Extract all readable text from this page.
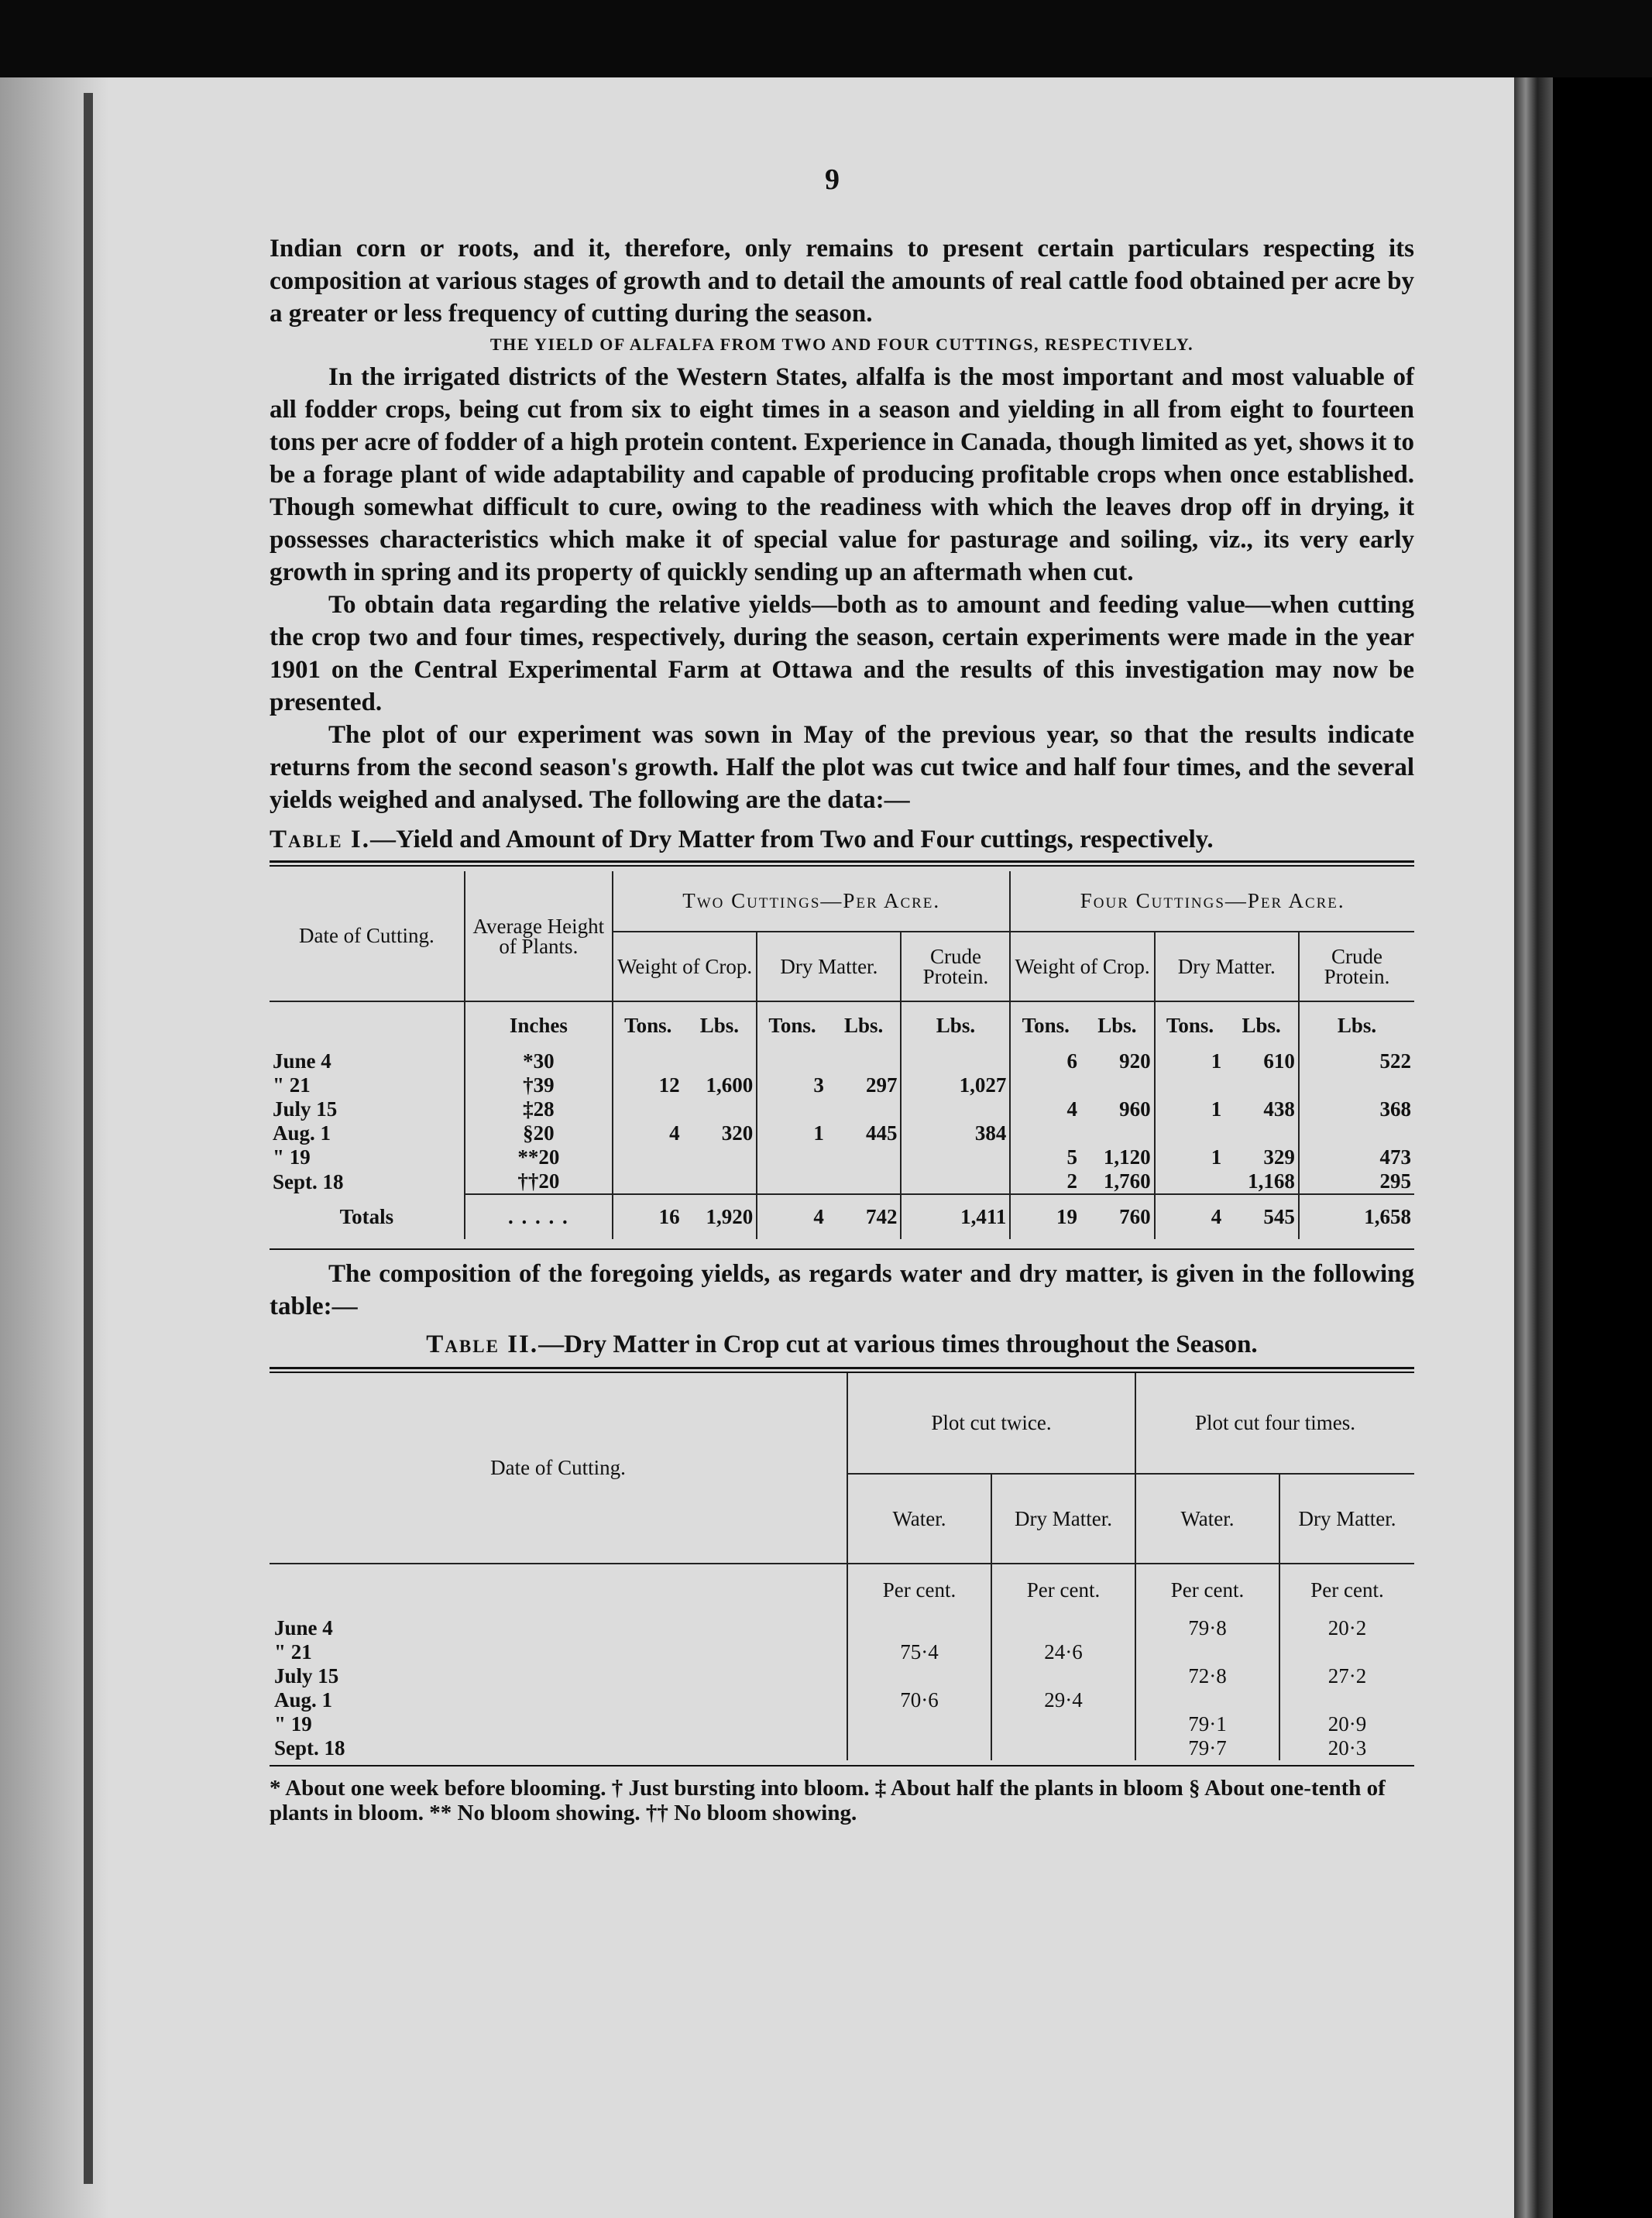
9

Indian corn or roots, and it, therefore, only remains to present certain particulars respecting its composition at various stages of growth and to detail the amounts of real cattle food obtained per acre by a greater or less frequency of cutting during the season.

THE YIELD OF ALFALFA FROM TWO AND FOUR CUTTINGS, RESPECTIVELY.

In the irrigated districts of the Western States, alfalfa is the most important and most valuable of all fodder crops, being cut from six to eight times in a season and yielding in all from eight to fourteen tons per acre of fodder of a high protein content. Experience in Canada, though limited as yet, shows it to be a forage plant of wide adaptability and capable of producing profitable crops when once established. Though somewhat difficult to cure, owing to the readiness with which the leaves drop off in drying, it possesses characteristics which make it of special value for pasturage and soiling, viz., its very early growth in spring and its property of quickly sending up an aftermath when cut.

To obtain data regarding the relative yields—both as to amount and feeding value—when cutting the crop two and four times, respectively, during the season, certain experiments were made in the year 1901 on the Central Experimental Farm at Ottawa and the results of this investigation may now be presented.

The plot of our experiment was sown in May of the previous year, so that the results indicate returns from the second season's growth. Half the plot was cut twice and half four times, and the several yields weighed and analysed. The following are the data:—

Table I.—Yield and Amount of Dry Matter from Two and Four cuttings, respectively.

Date of Cutting.	Average Height of Plants.	Two Cuttings—Per Acre.					Four Cuttings—Per Acre.				
		Weight of Crop.		Dry Matter.		Crude Protein.	Weight of Crop.		Dry Matter.		Crude Protein.
	Inches	Tons.	Lbs.	Tons.	Lbs.	Lbs.	Tons.	Lbs.	Tons.	Lbs.	Lbs.
June 4	*30						6	920	1	610	522
" 21	†39	12	1,600	3	297	1,027					
July 15	‡28						4	960	1	438	368
Aug. 1	§20	4	320	1	445	384					
" 19	**20						5	1,120	1	329	473
Sept. 18	††20						2	1,760		1,168	295
Totals	. . . . .	16	1,920	4	742	1,411	19	760	4	545	1,658

The composition of the foregoing yields, as regards water and dry matter, is given in the following table:—

Table II.—Dry Matter in Crop cut at various times throughout the Season.

Date of Cutting.	Plot cut twice.		Plot cut four times.	
	Water.	Dry Matter.	Water.	Dry Matter.
	Per cent.	Per cent.	Per cent.	Per cent.
June 4			79·8	20·2
" 21	75·4	24·6		
July 15			72·8	27·2
Aug. 1	70·6	29·4		
" 19			79·1	20·9
Sept. 18			79·7	20·3

* About one week before blooming. † Just bursting into bloom. ‡ About half the plants in bloom § About one-tenth of plants in bloom. ** No bloom showing. †† No bloom showing.
